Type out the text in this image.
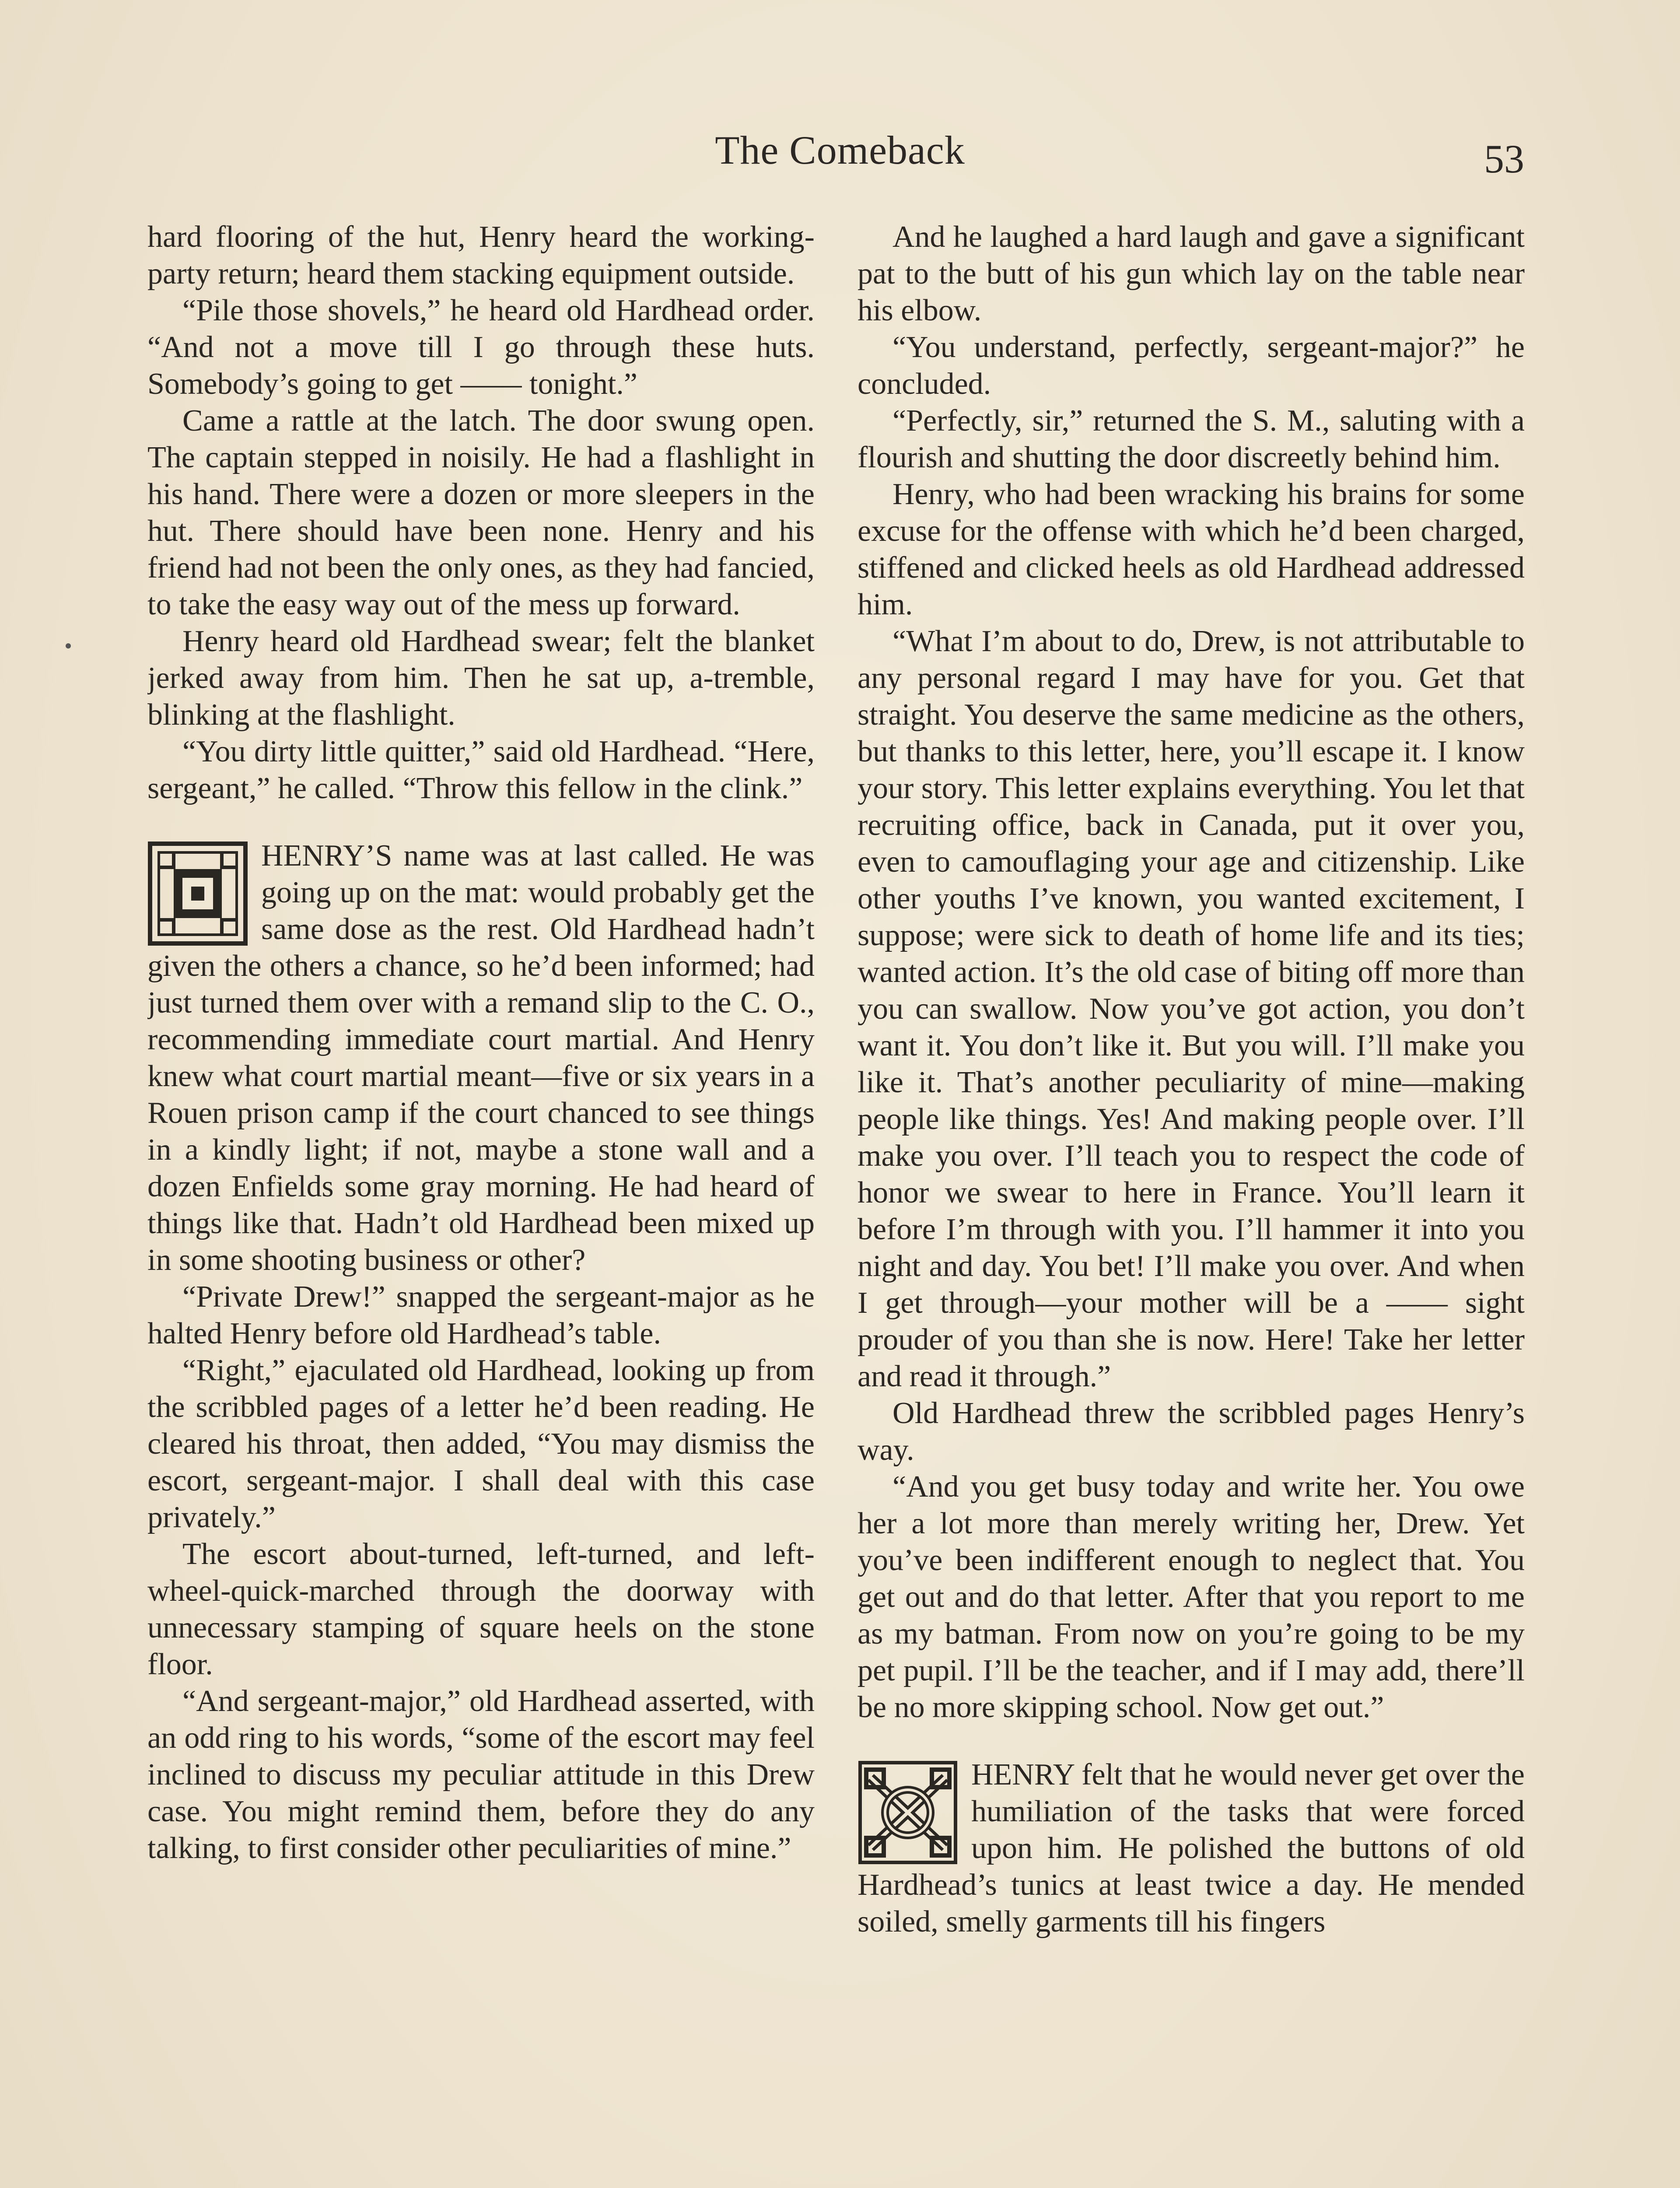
The Comeback	53

hard flooring of the hut, Henry heard the working-party return; heard them stacking equipment outside.

“Pile those shovels,” he heard old Hardhead order. “And not a move till I go through these huts. Somebody’s going to get —— tonight.”

Came a rattle at the latch. The door swung open. The captain stepped in noisily. He had a flashlight in his hand. There were a dozen or more sleepers in the hut. There should have been none. Henry and his friend had not been the only ones, as they had fancied, to take the easy way out of the mess up forward.

Henry heard old Hardhead swear; felt the blanket jerked away from him. Then he sat up, a-tremble, blinking at the flashlight.

“You dirty little quitter,” said old Hardhead. “Here, sergeant,” he called. “Throw this fellow in the clink.”

HENRY’S name was at last called. He was going up on the mat: would probably get the same dose as the rest. Old Hardhead hadn’t given the others a chance, so he’d been informed; had just turned them over with a remand slip to the C. O., recommending immediate court martial. And Henry knew what court martial meant—five or six years in a Rouen prison camp if the court chanced to see things in a kindly light; if not, maybe a stone wall and a dozen Enfields some gray morning. He had heard of things like that. Hadn’t old Hardhead been mixed up in some shooting business or other?

“Private Drew!” snapped the sergeant-major as he halted Henry before old Hardhead’s table.

“Right,” ejaculated old Hardhead, looking up from the scribbled pages of a letter he’d been reading. He cleared his throat, then added, “You may dismiss the escort, sergeant-major. I shall deal with this case privately.”

The escort about-turned, left-turned, and left-wheel-quick-marched through the doorway with unnecessary stamping of square heels on the stone floor.

“And sergeant-major,” old Hardhead asserted, with an odd ring to his words, “some of the escort may feel inclined to discuss my peculiar attitude in this Drew case. You might remind them, before they do any talking, to first consider other peculiarities of mine.”

And he laughed a hard laugh and gave a significant pat to the butt of his gun which lay on the table near his elbow.

“You understand, perfectly, sergeant-major?” he concluded.

“Perfectly, sir,” returned the S. M., saluting with a flourish and shutting the door discreetly behind him.

Henry, who had been wracking his brains for some excuse for the offense with which he’d been charged, stiffened and clicked heels as old Hardhead addressed him.

“What I’m about to do, Drew, is not attributable to any personal regard I may have for you. Get that straight. You deserve the same medicine as the others, but thanks to this letter, here, you’ll escape it. I know your story. This letter explains everything. You let that recruiting office, back in Canada, put it over you, even to camouflaging your age and citizenship. Like other youths I’ve known, you wanted excitement, I suppose; were sick to death of home life and its ties; wanted action. It’s the old case of biting off more than you can swallow. Now you’ve got action, you don’t want it. You don’t like it. But you will. I’ll make you like it. That’s another peculiarity of mine—making people like things. Yes! And making people over. I’ll make you over. I’ll teach you to respect the code of honor we swear to here in France. You’ll learn it before I’m through with you. I’ll hammer it into you night and day. You bet! I’ll make you over. And when I get through—your mother will be a —— sight prouder of you than she is now. Here! Take her letter and read it through.”

Old Hardhead threw the scribbled pages Henry’s way.

“And you get busy today and write her. You owe her a lot more than merely writing her, Drew. Yet you’ve been indifferent enough to neglect that. You get out and do that letter. After that you report to me as my batman. From now on you’re going to be my pet pupil. I’ll be the teacher, and if I may add, there’ll be no more skipping school. Now get out.”

HENRY felt that he would never get over the humiliation of the tasks that were forced upon him. He polished the buttons of old Hardhead’s tunics at least twice a day. He mended soiled, smelly garments till his fingers
